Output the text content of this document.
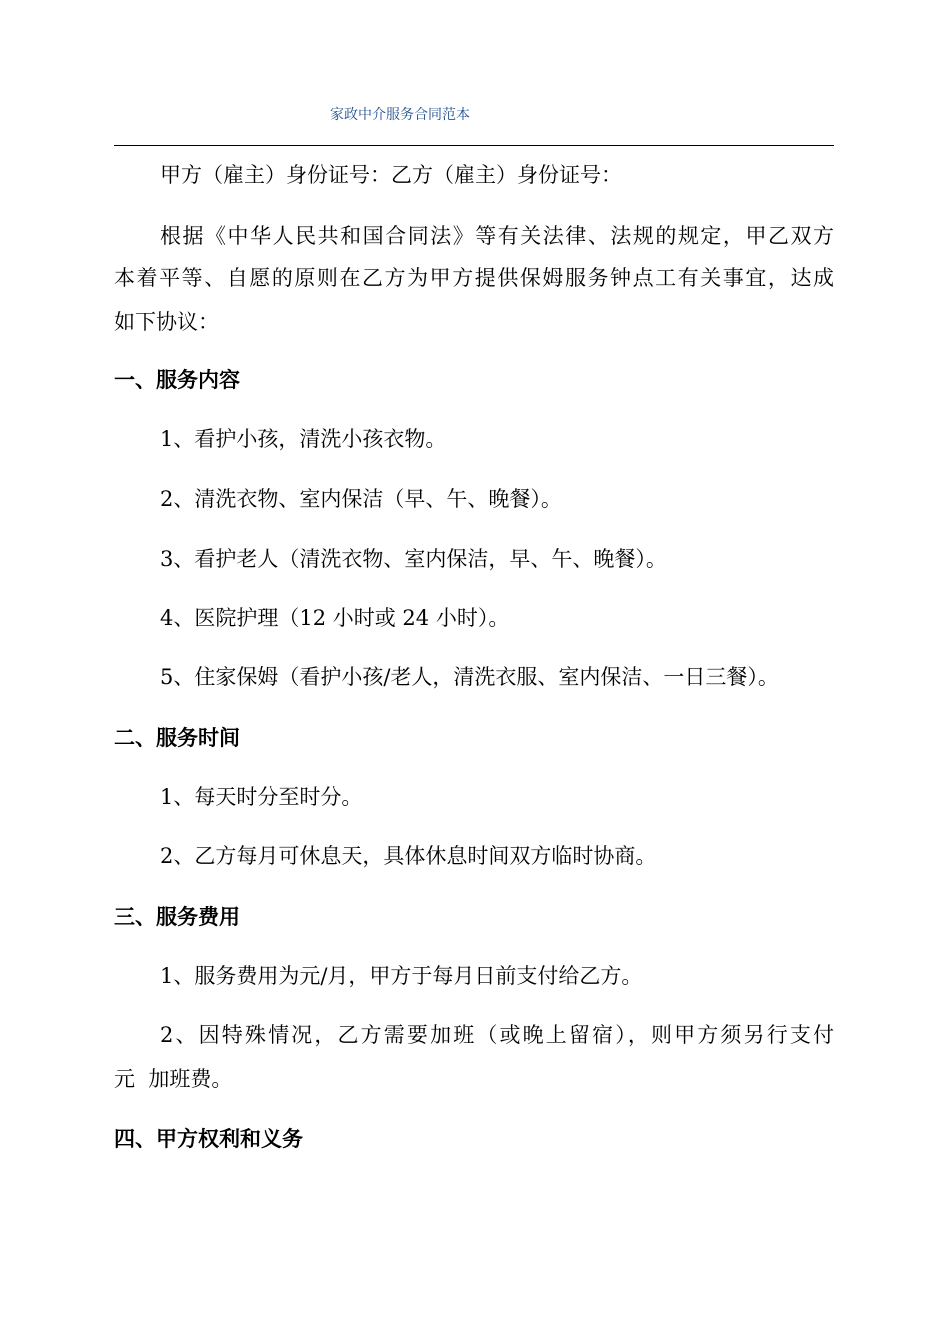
家政中介服务合同范本
甲方（雇主）身份证号：乙方（雇主）身份证号：
根据《中华人民共和国合同法》等有关法律、法规的规定，甲乙双方
本着平等、自愿的原则在乙方为甲方提供保姆服务钟点工有关事宜，达成
如下协议：
一、服务内容
1、看护小孩，清洗小孩衣物。
2、清洗衣物、室内保洁（早、午、晚餐）。
3、看护老人（清洗衣物、室内保洁，早、午、晚餐）。
4、医院护理（12 小时或 24 小时）。
5、住家保姆（看护小孩/老人，清洗衣服、室内保洁、一日三餐）。
二、服务时间
1、每天时分至时分。
2、乙方每月可休息天，具体休息时间双方临时协商。
三、服务费用
1、服务费用为元/月，甲方于每月日前支付给乙方。
2、因特殊情况，乙方需要加班（或晚上留宿），则甲方须另行支付
元  加班费。
四、甲方权利和义务
